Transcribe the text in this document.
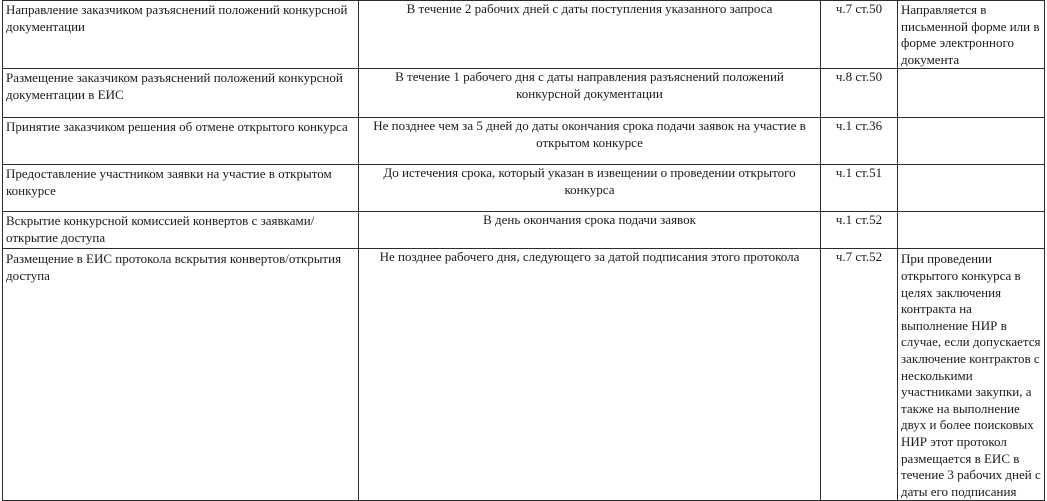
Направление заказчиком разъяснений положений конкурсной документации	В течение 2 рабочих дней с даты поступления указанного запроса	ч.7 ст.50	Направляется в письменной форме или в форме электронного документа

Размещение заказчиком разъяснений положений конкурсной документации в ЕИС	В течение 1 рабочего дня с даты направления разъяснений положений конкурсной документации	ч.8 ст.50	

Принятие заказчиком решения об отмене открытого конкурса	Не позднее чем за 5 дней до даты окончания срока подачи заявок на участие в открытом конкурсе	ч.1 ст.36	

Предоставление участником заявки на участие в открытом конкурсе	До истечения срока, который указан в извещении о проведении открытого конкурса	ч.1 ст.51	

Вскрытие конкурсной комиссией конвертов с заявками/открытие доступа	В день окончания срока подачи заявок	ч.1 ст.52	

Размещение в ЕИС протокола вскрытия конвертов/открытия доступа	Не позднее рабочего дня, следующего за датой подписания этого протокола	ч.7 ст.52	При проведении открытого конкурса в целях заключения контракта на выполнение НИР в случае, если допускается заключение контрактов с несколькими участниками закупки, а также на выполнение двух и более поисковых НИР этот протокол размещается в ЕИС в течение 3 рабочих дней с даты его подписания
